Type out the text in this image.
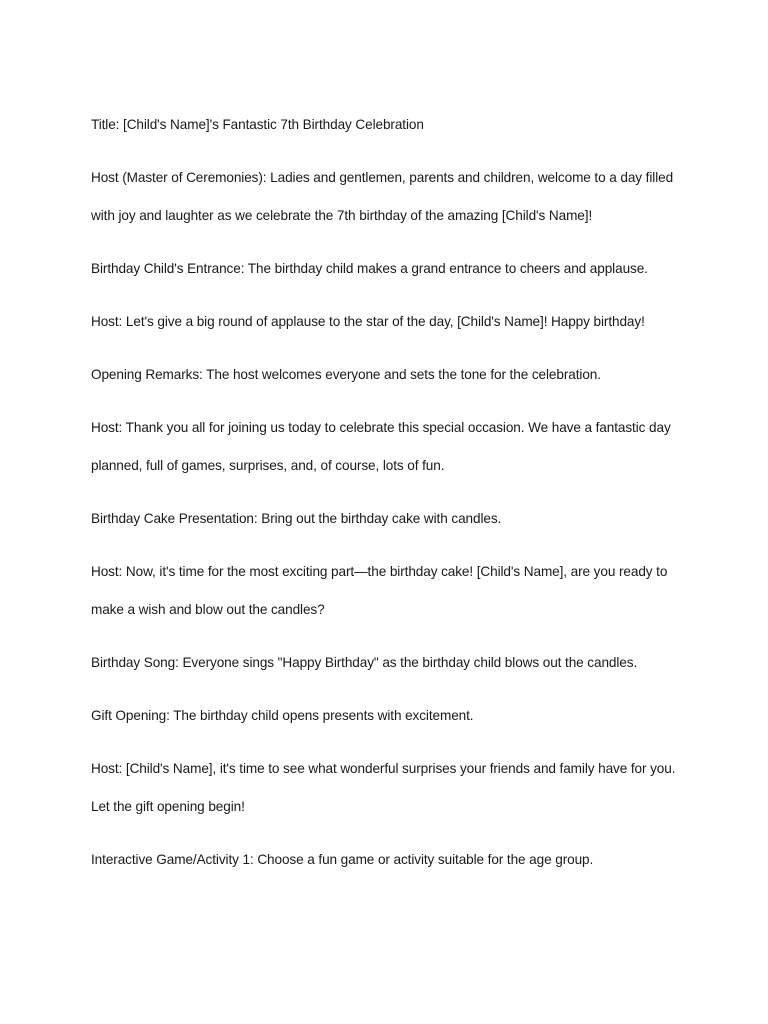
Title: [Child's Name]'s Fantastic 7th Birthday Celebration

Host (Master of Ceremonies): Ladies and gentlemen, parents and children, welcome to a day filled with joy and laughter as we celebrate the 7th birthday of the amazing [Child's Name]!

Birthday Child's Entrance: The birthday child makes a grand entrance to cheers and applause.

Host: Let's give a big round of applause to the star of the day, [Child's Name]! Happy birthday!

Opening Remarks: The host welcomes everyone and sets the tone for the celebration.

Host: Thank you all for joining us today to celebrate this special occasion. We have a fantastic day planned, full of games, surprises, and, of course, lots of fun.

Birthday Cake Presentation: Bring out the birthday cake with candles.

Host: Now, it's time for the most exciting part—the birthday cake! [Child's Name], are you ready to make a wish and blow out the candles?

Birthday Song: Everyone sings "Happy Birthday" as the birthday child blows out the candles.

Gift Opening: The birthday child opens presents with excitement.

Host: [Child's Name], it's time to see what wonderful surprises your friends and family have for you. Let the gift opening begin!

Interactive Game/Activity 1: Choose a fun game or activity suitable for the age group.
